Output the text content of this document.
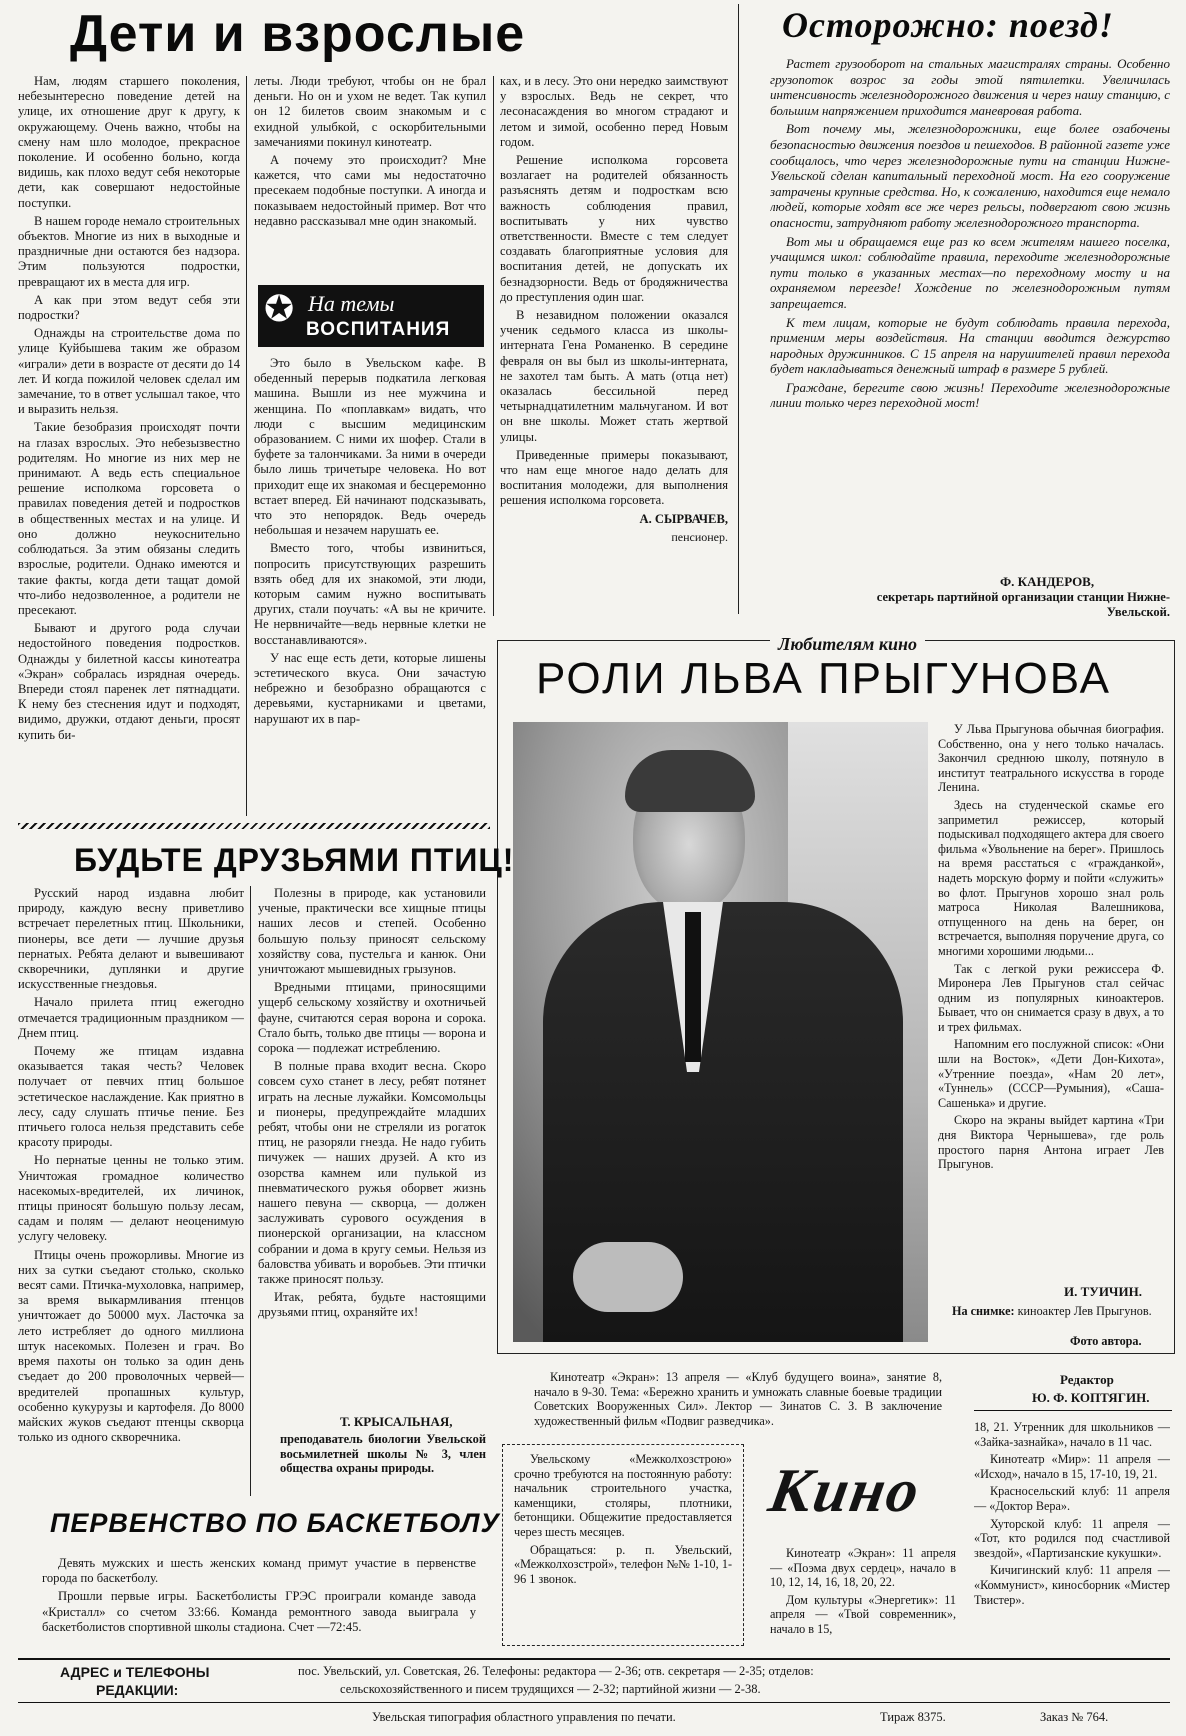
Дети и взрослые

Нам, людям старшего поколения, небезынтересно поведение детей на улице, их отношение друг к другу, к окружающему. Очень важно, чтобы на смену нам шло молодое, прекрасное поколение. И особенно больно, когда видишь, как плохо ведут себя некоторые дети, как совершают недостойные поступки.

В нашем городе немало строительных объектов. Многие из них в выходные и праздничные дни остаются без надзора. Этим пользуются подростки, превращают их в места для игр.

А как при этом ведут себя эти подростки?

Однажды на строительстве дома по улице Куйбышева таким же образом «играли» дети в возрасте от десяти до 14 лет. И когда пожилой человек сделал им замечание, то в ответ услышал такое, что и выразить нельзя.

Такие безобразия происходят почти на глазах взрослых. Это небезызвестно родителям. Но многие из них мер не принимают. А ведь есть специальное решение исполкома горсовета о правилах поведения детей и подростков в общественных местах и на улице. И оно должно неукоснительно соблюдаться. За этим обязаны следить взрослые, родители. Однако имеются и такие факты, когда дети тащат домой что-либо недозволенное, а родители не пресекают.

Бывают и другого рода случаи недостойного поведения подростков. Однажды у билетной кассы кинотеатра «Экран» собралась изрядная очередь. Впереди стоял паренек лет пятнадцати. К нему без стеснения идут и подходят, видимо, дружки, отдают деньги, просят купить би-

леты. Люди требуют, чтобы он не брал деньги. Но он и ухом не ведет. Так купил он 12 билетов своим знакомым и с ехидной улыбкой, с оскорбительными замечаниями покинул кинотеатр.

А почему это происходит? Мне кажется, что сами мы недостаточно пресекаем подобные поступки. А иногда и показываем недостойный пример. Вот что недавно рассказывал мне один знакомый.

✪ На темы
ВОСПИТАНИЯ

Это было в Увельском кафе. В обеденный перерыв подкатила легковая машина. Вышли из нее мужчина и женщина. По «поплавкам» видать, что люди с высшим медицинским образованием. С ними их шофер. Стали в буфете за талончиками. За ними в очереди было лишь тричетыре человека. Но вот приходит еще их знакомая и бесцеремонно встает вперед. Ей начинают подсказывать, что это непорядок. Ведь очередь небольшая и незачем нарушать ее.

Вместо того, чтобы извиниться, попросить присутствующих разрешить взять обед для их знакомой, эти люди, которым самим нужно воспитывать других, стали поучать: «А вы не кричите. Не нервничайте—ведь нервные клетки не восстанавливаются».

У нас еще есть дети, которые лишены эстетического вкуса. Они зачастую небрежно и безобразно обращаются с деревьями, кустарниками и цветами, нарушают их в пар-

ках, и в лесу. Это они нередко заимствуют у взрослых. Ведь не секрет, что лесонасаждения во многом страдают и летом и зимой, особенно перед Новым годом.

Решение исполкома горсовета возлагает на родителей обязанность разъяснять детям и подросткам всю важность соблюдения правил, воспитывать у них чувство ответственности. Вместе с тем следует создавать благоприятные условия для воспитания детей, не допускать их безнадзорности. Ведь от бродяжничества до преступления один шаг.

В незавидном положении оказался ученик седьмого класса из школы-интерната Гена Романенко. В середине февраля он вы был из школы-интерната, не захотел там быть. А мать (отца нет) оказалась бессильной перед четырнадцатилетним мальчуганом. И вот он вне школы. Может стать жертвой улицы.

Приведенные примеры показывают, что нам еще многое надо делать для воспитания молодежи, для выполнения решения исполкома горсовета.

А. СЫРВАЧЕВ,

пенсионер.

Осторожно: поезд!

Растет грузооборот на стальных магистралях страны. Особенно грузопоток возрос за годы этой пятилетки. Увеличилась интенсивность железнодорожного движения и через нашу станцию, с большим напряжением приходится маневровая работа.

Вот почему мы, железнодорожники, еще более озабочены безопасностью движения поездов и пешеходов. В районной газете уже сообщалось, что через железнодорожные пути на станции Нижне-Увельской сделан капитальный переходной мост. На его сооружение затрачены крупные средства. Но, к сожалению, находится еще немало людей, которые ходят все же через рельсы, подвергают свою жизнь опасности, затрудняют работу железнодорожного транспорта.

Вот мы и обращаемся еще раз ко всем жителям нашего поселка, учащимся школ: соблюдайте правила, переходите железнодорожные пути только в указанных местах—по переходному мосту и на охраняемом переезде! Хождение по железнодорожным путям запрещается.

К тем лицам, которые не будут соблюдать правила перехода, применим меры воздействия. На станции вводится дежурство народных дружинников. С 15 апреля на нарушителей правил перехода будет накладываться денежный штраф в размере 5 рублей.

Граждане, берегите свою жизнь! Переходите железнодорожные линии только через переходной мост!

Ф. КАНДЕРОВ,
секретарь партийной организации станции Нижне-Увельской.
Любителям кино
РОЛИ ЛЬВА ПРЫГУНОВА

У Льва Прыгунова обычная биография. Собственно, она у него только началась. Закончил среднюю школу, потянуло в институт театрального искусства в городе Ленина.

Здесь на студенческой скамье его заприметил режиссер, который подыскивал подходящего актера для своего фильма «Увольнение на берег». Пришлось на время расстаться с «гражданкой», надеть морскую форму и пойти «служить» во флот. Прыгунов хорошо знал роль матроса Николая Валешникова, отпущенного на день на берег, он встречается, выполняя поручение друга, со многими хорошими людьми...

Так с легкой руки режиссера Ф. Миронера Лев Прыгунов стал сейчас одним из популярных киноактеров. Бывает, что он снимается сразу в двух, а то и трех фильмах.

Напомним его послужной список: «Они шли на Восток», «Дети Дон-Кихота», «Утренние поезда», «Нам 20 лет», «Туннель» (СССР—Румыния), «Саша-Сашенька» и другие.

Скоро на экраны выйдет картина «Три дня Виктора Чернышева», где роль простого парня Антона играет Лев Прыгунов.

И. ТУИЧИН.
На снимке: киноактер Лев Прыгунов.
Фото автора.
БУДЬТЕ ДРУЗЬЯМИ ПТИЦ!

Русский народ издавна любит природу, каждую весну приветливо встречает перелетных птиц. Школьники, пионеры, все дети — лучшие друзья пернатых. Ребята делают и вывешивают скворечники, дуплянки и другие искусственные гнездовья.

Начало прилета птиц ежегодно отмечается традиционным праздником — Днем птиц.

Почему же птицам издавна оказывается такая честь? Человек получает от певчих птиц большое эстетическое наслаждение. Как приятно в лесу, саду слушать птичье пение. Без птичьего голоса нельзя представить себе красоту природы.

Но пернатые ценны не только этим. Уничтожая громадное количество насекомых-вредителей, их личинок, птицы приносят большую пользу лесам, садам и полям — делают неоценимую услугу человеку.

Птицы очень прожорливы. Многие из них за сутки съедают столько, сколько весят сами. Птичка-мухоловка, например, за время выкармливания птенцов уничтожает до 50000 мух. Ласточка за лето истребляет до одного миллиона штук насекомых. Полезен и грач. Во время пахоты он только за один день съедает до 200 проволочных червей—вредителей пропашных культур, особенно кукурузы и картофеля. До 8000 майских жуков съедают птенцы скворца только из одного скворечника.

Полезны в природе, как установили ученые, практически все хищные птицы наших лесов и степей. Особенно большую пользу приносят сельскому хозяйству сова, пустельга и канюк. Они уничтожают мышевидных грызунов.

Вредными птицами, приносящими ущерб сельскому хозяйству и охотничьей фауне, считаются серая ворона и сорока. Стало быть, только две птицы — ворона и сорока — подлежат истреблению.

В полные права входит весна. Скоро совсем сухо станет в лесу, ребят потянет играть на лесные лужайки. Комсомольцы и пионеры, предупреждайте младших ребят, чтобы они не стреляли из рогаток птиц, не разоряли гнезда. Не надо губить пичужек — наших друзей. А кто из озорства камнем или пулькой из пневматического ружья оборвет жизнь нашего певуна — скворца, — должен заслуживать сурового осуждения в пионерской организации, на классном собрании и дома в кругу семьи. Нельзя из баловства убивать и воробьев. Эти птички также приносят пользу.

Итак, ребята, будьте настоящими друзьями птиц, охраняйте их!

Т. КРЫСАЛЬНАЯ,
преподаватель биологии Увельской восьмилетней школы № 3, член общества охраны природы.
ПЕРВЕНСТВО ПО БАСКЕТБОЛУ

Девять мужских и шесть женских команд примут участие в первенстве города по баскетболу.

Прошли первые игры. Баскетболисты ГРЭС проиграли команде завода «Кристалл» со счетом 33:66. Команда ремонтного завода выиграла у баскетболистов спортивной школы стадиона. Счет —72:45.

Кинотеатр «Экран»: 13 апреля — «Клуб будущего воина», занятие 8, начало в 9-30. Тема: «Бережно хранить и умножать славные боевые традиции Советских Вооруженных Сил». Лектор — Зинатов С. З. В заключение художественный фильм «Подвиг разведчика».

Редактор
Ю. Ф. КОПТЯГИН.

Увельскому «Межколхозстрою» срочно требуются на постоянную работу: начальник строительного участка, каменщики, столяры, плотники, бетонщики. Общежитие предоставляется через шесть месяцев.

Обращаться: р. п. Увельский, «Межколхозстрой», телефон №№ 1-10, 1-96 1 звонок.

Кино

Кинотеатр «Экран»: 11 апреля — «Поэма двух сердец», начало в 10, 12, 14, 16, 18, 20, 22.

Дом культуры «Энергетик»: 11 апреля — «Твой современник», начало в 15,

18, 21. Утренник для школьников — «Зайка-зазнайка», начало в 11 час.

Кинотеатр «Мир»: 11 апреля — «Исход», начало в 15, 17-10, 19, 21.

Красносельский клуб: 11 апреля — «Доктор Вера».

Хуторской клуб: 11 апреля — «Тот, кто родился под счастливой звездой», «Партизанские кукушки».

Кичигинский клуб: 11 апреля — «Коммунист», киносборник «Мистер Твистер».

АДРЕС и ТЕЛЕФОНЫ
РЕДАКЦИИ:
пос. Увельский, ул. Советская, 26. Телефоны: редактора — 2-36; отв. секретаря — 2-35; отделов:
сельскохозяйственного и писем трудящихся — 2-32; партийной жизни — 2-38.
Увельская типография областного управления по печати.	Тираж 8375.	Заказ № 764.
